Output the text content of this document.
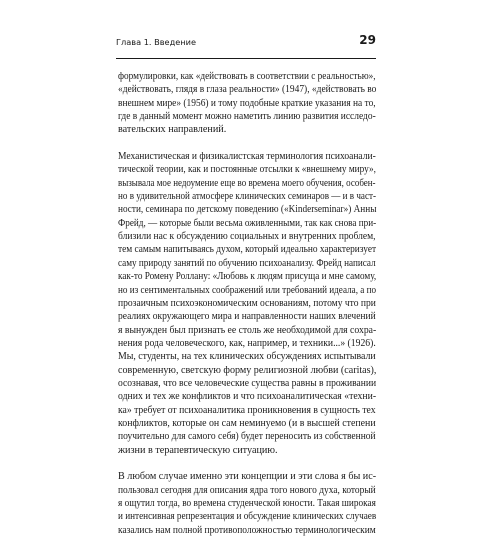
Глава 1. Введение	29
формулировки, как «действовать в соответствии с реальностью»,
«действовать, глядя в глаза реальности» (1947), «действовать во
внешнем мире» (1956) и тому подобные краткие указания на то,
где в данный момент можно наметить линию развития исследо-
вательских направлений.
Механистическая и физикалистская терминология психоанали-
тической теории, как и постоянные отсылки к «внешнему миру»,
вызывала мое недоумение еще во времена моего обучения, особен-
но в удивительной атмосфере клинических семинаров — и в част-
ности, семинара по детскому поведению («Kinderseminar») Анны
Фрейд, — которые были весьма оживленными, так как снова при-
близили нас к обсуждению социальных и внутренних проблем,
тем самым напитываясь духом, который идеально характеризует
саму природу занятий по обучению психоанализу. Фрейд написал
как-то Ромену Роллану: «Любовь к людям присуща и мне самому,
но из сентиментальных соображений или требований идеала, а по
прозаичным психоэкономическим основаниям, потому что при
реалиях окружающего мира и направленности наших влечений
я вынужден был признать ее столь же необходимой для сохра-
нения рода человеческого, как, например, и техники...» (1926).
Мы, студенты, на тех клинических обсуждениях испытывали
современную, светскую форму религиозной любви (caritas),
осознавая, что все человеческие существа равны в проживании
одних и тех же конфликтов и что психоаналитическая «техни-
ка» требует от психоаналитика проникновения в сущность тех
конфликтов, которые он сам неминуемо (и в высшей степени
поучительно для самого себя) будет переносить из собственной
жизни в терапевтическую ситуацию.
В любом случае именно эти концепции и эти слова я бы ис-
пользовал сегодня для описания ядра того нового духа, который
я ощутил тогда, во времена студенческой юности. Такая широкая
и интенсивная репрезентация и обсуждение клинических случаев
казались нам полной противоположностью терминологическим
